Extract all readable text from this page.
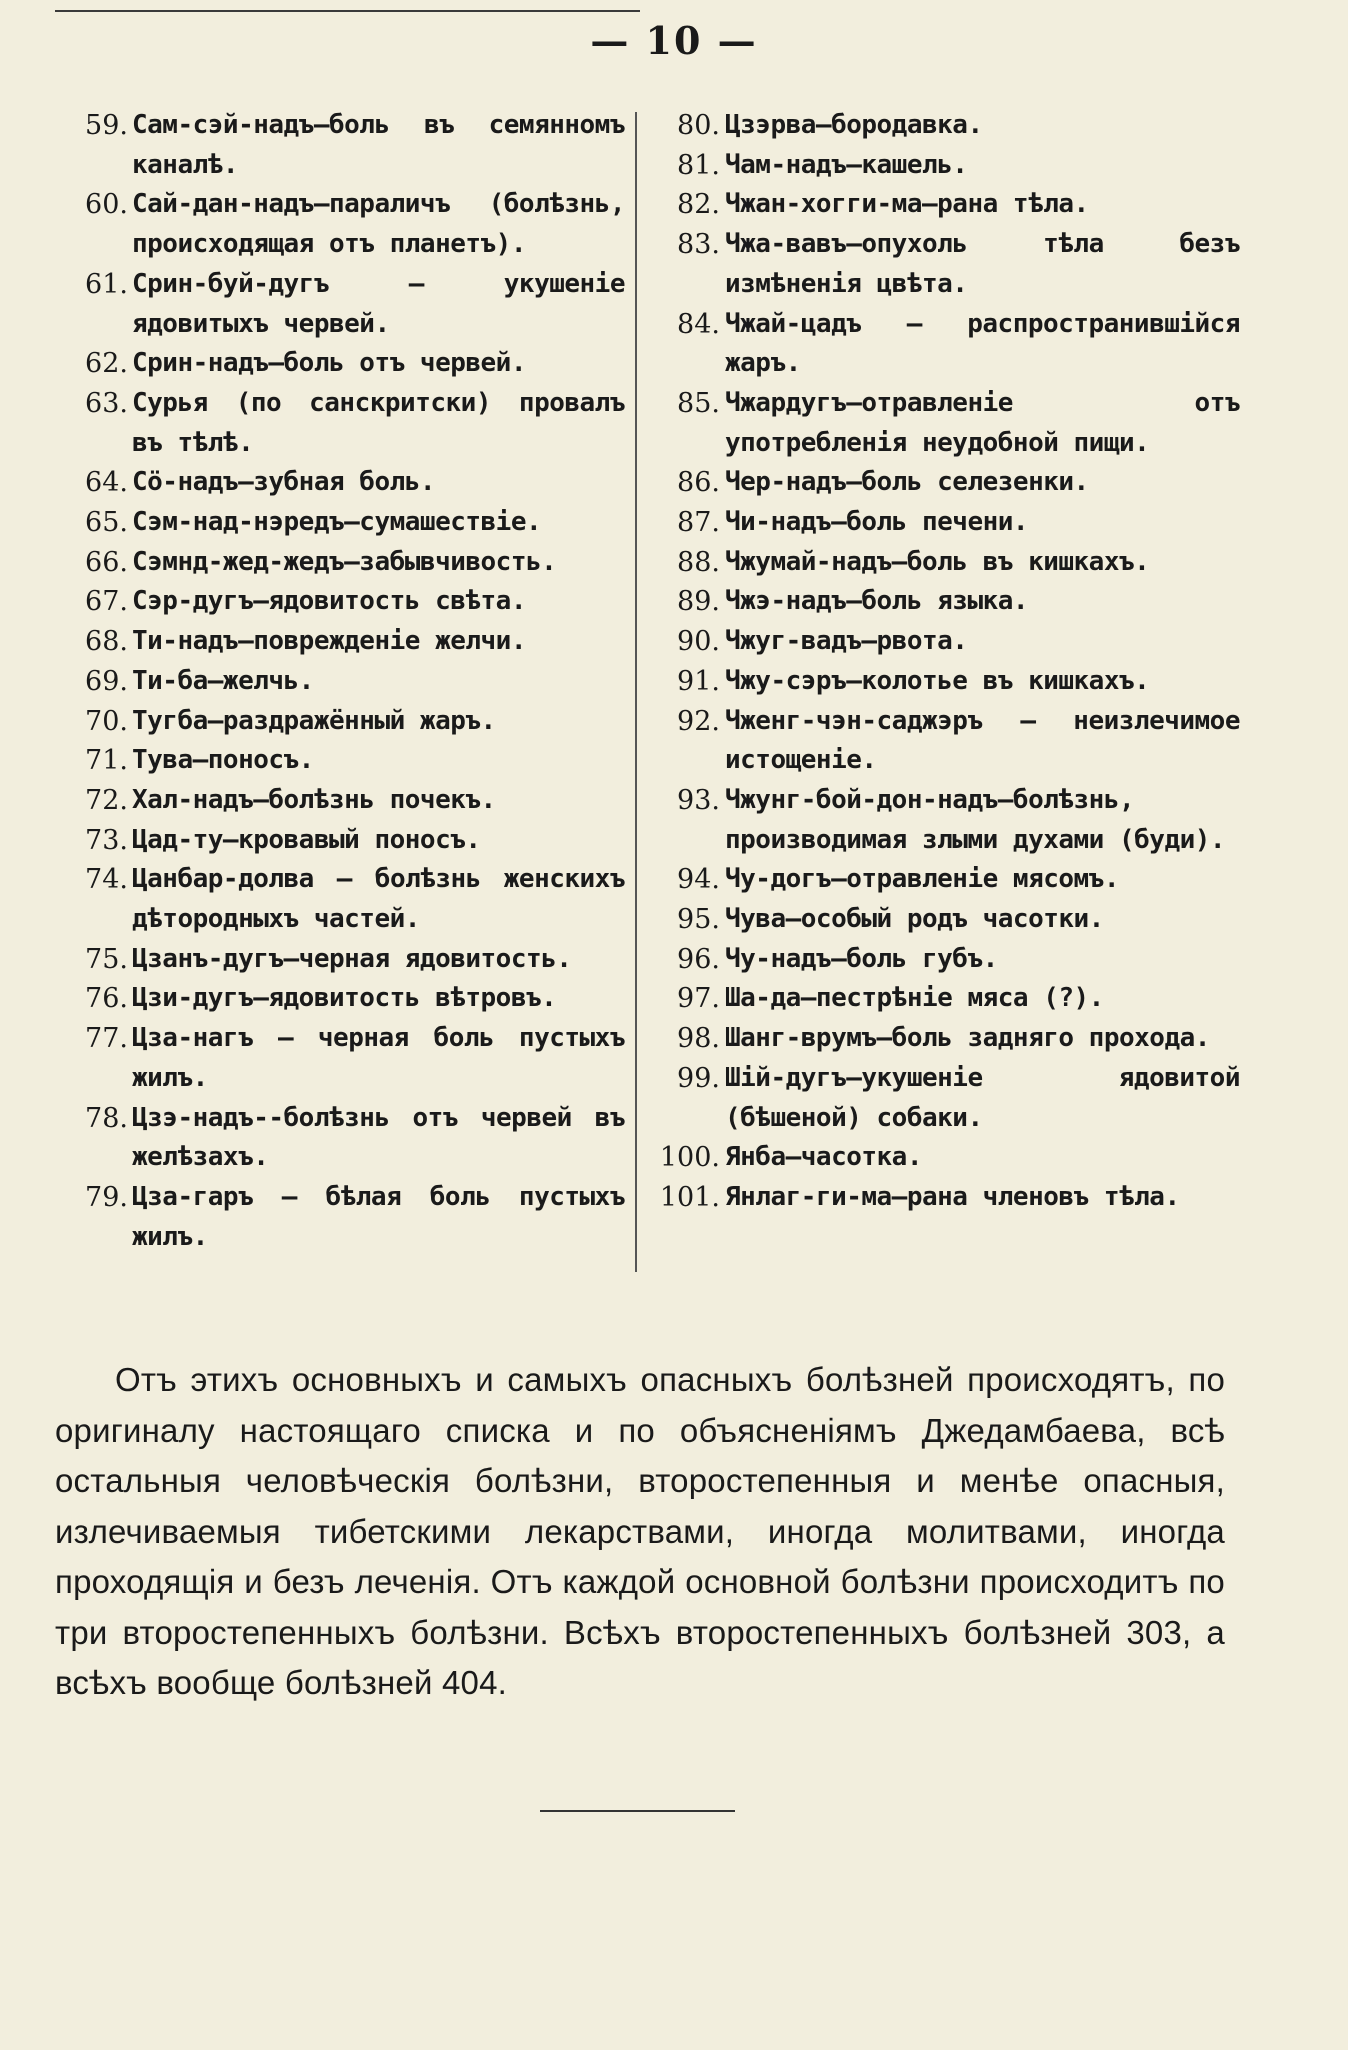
— 10 —
59. Сам-сэй-надъ—боль въ семянномъ каналѣ.
60. Сай-дан-надъ—параличъ (болѣзнь, происходящая отъ планетъ).
61. Срин-буй-дугъ — укушеніе ядовитыхъ червей.
62. Срин-надъ—боль отъ червей.
63. Сурья (по санскритски) провалъ въ тѣлѣ.
64. Сö-надъ—зубная боль.
65. Сэм-над-нэредъ—сумашествіе.
66. Сэмнд-жед-жедъ—забывчивость.
67. Сэр-дугъ—ядовитость свѣта.
68. Ти-надъ—поврежденіе желчи.
69. Ти-ба—желчь.
70. Тугба—раздражённый жаръ.
71. Тува—поносъ.
72. Хал-надъ—болѣзнь почекъ.
73. Цад-ту—кровавый поносъ.
74. Цанбар-долва — болѣзнь женскихъ дѣтородныхъ частей.
75. Цзанъ-дугъ—черная ядовитость.
76. Цзи-дугъ—ядовитость вѣтровъ.
77. Цза-нагъ — черная боль пустыхъ жилъ.
78. Цзэ-надъ--болѣзнь отъ червей въ желѣзахъ.
79. Цза-гаръ — бѣлая боль пустыхъ жилъ.
80. Цзэрва—бородавка.
81. Чам-надъ—кашель.
82. Чжан-хогги-ма—рана тѣла.
83. Чжа-вавъ—опухоль тѣла безъ измѣненія цвѣта.
84. Чжай-цадъ — распространившійся жаръ.
85. Чжардугъ—отравленіе отъ употребленія неудобной пищи.
86. Чер-надъ—боль селезенки.
87. Чи-надъ—боль печени.
88. Чжумай-надъ—боль въ кишкахъ.
89. Чжэ-надъ—боль языка.
90. Чжуг-вадъ—рвота.
91. Чжу-сэръ—колотье въ кишкахъ.
92. Чженг-чэн-саджэръ — неизлечимое истощеніе.
93. Чжунг-бой-дон-надъ—болѣзнь, производимая злыми духами (буди).
94. Чу-догъ—отравленіе мясомъ.
95. Чува—особый родъ часотки.
96. Чу-надъ—боль губъ.
97. Ша-да—пестрѣніе мяса (?).
98. Шанг-врумъ—боль задняго прохода.
99. Шій-дугъ—укушеніе ядовитой (бѣшеной) собаки.
100. Янба—часотка.
101. Янлаг-ги-ма—рана членовъ тѣла.

Отъ этихъ основныхъ и самыхъ опасныхъ болѣзней происходятъ, по оригиналу настоящаго списка и по объясненіямъ Джедамбаева, всѣ остальныя человѣческія болѣзни, второстепенныя и менѣе опасныя, излечиваемыя тибетскими лекарствами, иногда молитвами, иногда проходящія и безъ леченія. Отъ каждой основной болѣзни происходитъ по три второстепенныхъ болѣзни. Всѣхъ второстепенныхъ болѣзней 303, а всѣхъ вообще болѣзней 404.
